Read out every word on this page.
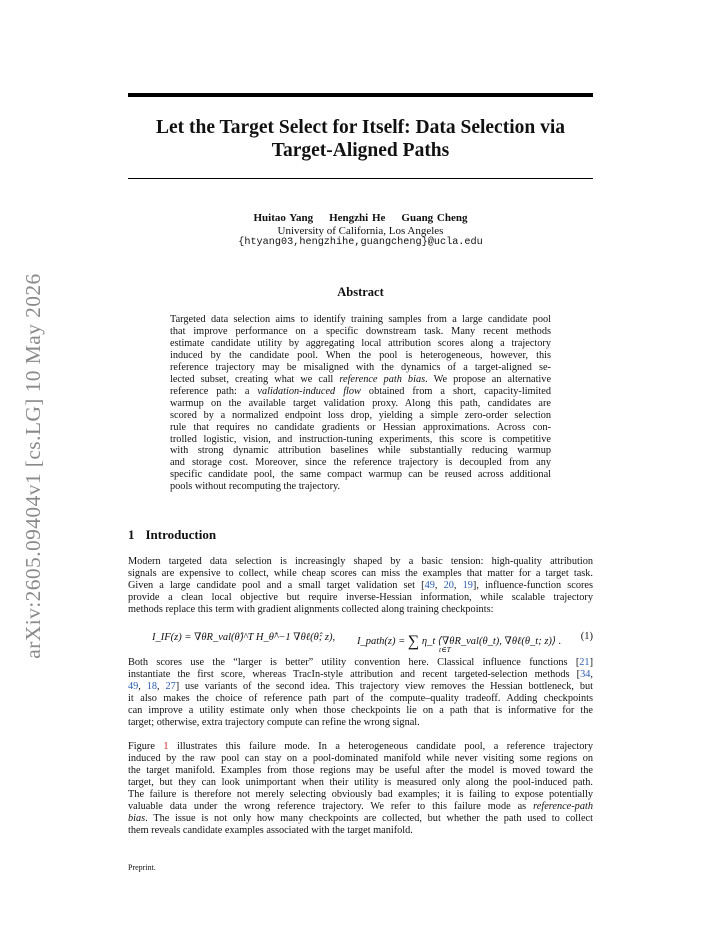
arXiv:2605.09404v1 [cs.LG] 10 May 2026
Let the Target Select for Itself: Data Selection via
Target-Aligned Paths
Huitao Yang Hengzhi He Guang Cheng
University of California, Los Angeles
{htyang03,hengzhihe,guangcheng}@ucla.edu
Abstract
Targeted data selection aims to identify training samples from a large candidate pool
that improve performance on a specific downstream task. Many recent methods
estimate candidate utility by aggregating local attribution scores along a trajectory
induced by the candidate pool. When the pool is heterogeneous, however, this
reference trajectory may be misaligned with the dynamics of a target-aligned se-
lected subset, creating what we call reference path bias. We propose an alternative
reference path: a validation-induced flow obtained from a short, capacity-limited
warmup on the available target validation proxy. Along this path, candidates are
scored by a normalized endpoint loss drop, yielding a simple zero-order selection
rule that requires no candidate gradients or Hessian approximations. Across con-
trolled logistic, vision, and instruction-tuning experiments, this score is competitive
with strong dynamic attribution baselines while substantially reducing warmup
and storage cost. Moreover, since the reference trajectory is decoupled from any
specific candidate pool, the same compact warmup can be reused across additional
pools without recomputing the trajectory.
1 Introduction
Modern targeted data selection is increasingly shaped by a basic tension: high-quality attribution
signals are expensive to collect, while cheap scores can miss the examples that matter for a target task.
Given a large candidate pool and a small target validation set [49, 20, 19], influence-function scores
provide a clean local objective but require inverse-Hessian information, while scalable trajectory
methods replace this term with gradient alignments collected along training checkpoints:
I_IF(z) = ∇θR_val(θ̂)^T H_θ̂^−1 ∇θℓ(θ̂; z), I_path(z) = ∑ η_t ⟨∇θR_val(θ_t), ∇θℓ(θ_t; z)⟩ .
t∈T
(1)
Both scores use the “larger is better” utility convention here. Classical influence functions [21]
instantiate the first score, whereas TracIn-style attribution and recent targeted-selection methods [34,
49, 18, 27] use variants of the second idea. This trajectory view removes the Hessian bottleneck, but
it also makes the choice of reference path part of the compute–quality tradeoff. Adding checkpoints
can improve a utility estimate only when those checkpoints lie on a path that is informative for the
target; otherwise, extra trajectory compute can refine the wrong signal.
Figure 1 illustrates this failure mode. In a heterogeneous candidate pool, a reference trajectory
induced by the raw pool can stay on a pool-dominated manifold while never visiting some regions on
the target manifold. Examples from those regions may be useful after the model is moved toward the
target, but they can look unimportant when their utility is measured only along the pool-induced path.
The failure is therefore not merely selecting obviously bad examples; it is failing to expose potentially
valuable data under the wrong reference trajectory. We refer to this failure mode as reference-path
bias. The issue is not only how many checkpoints are collected, but whether the path used to collect
them reveals candidate examples associated with the target manifold.
Preprint.
